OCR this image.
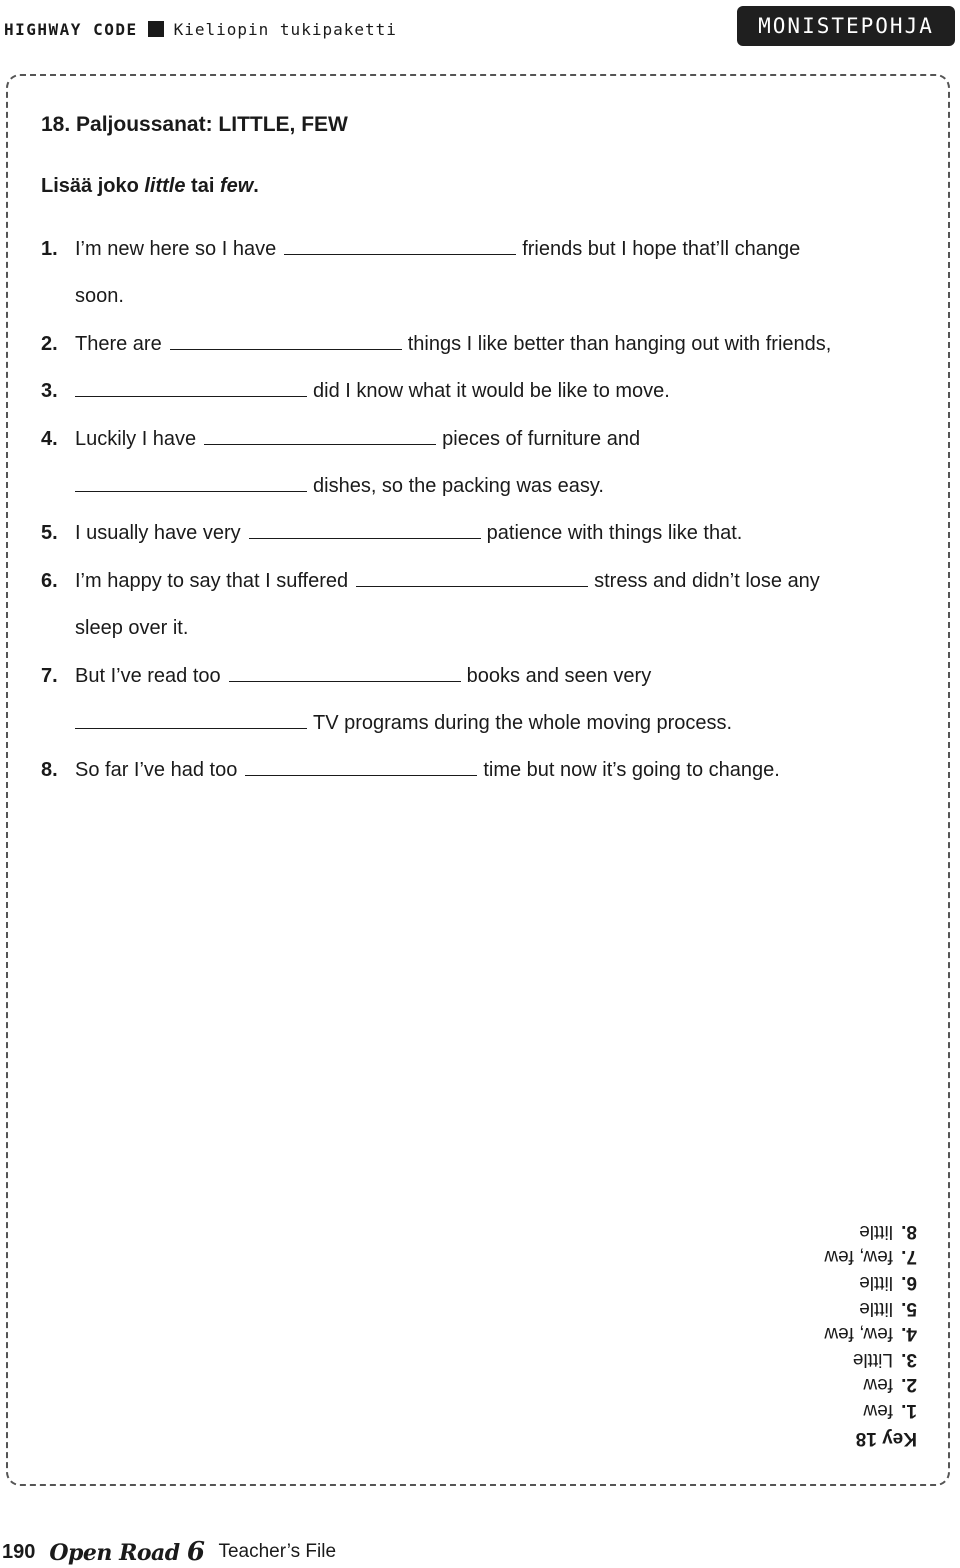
HIGHWAY CODE Kieliopin tukipaketti	MONISTEPOHJA
18. Paljoussanat: LITTLE, FEW
Lisää joko little tai few.
1. I’m new here so I have	friends but I hope that’ll change
soon.
2. There are	things I like better than hanging out with friends,
3.	did I know what it would be like to move.
4. Luckily I have	pieces of furniture and
dishes, so the packing was easy.
5. I usually have very	patience with things like that.
6. I’m happy to say that I suffered	stress and didn’t lose any
sleep over it.
7. But I’ve read too	books and seen very
TV programs during the whole moving process.
8. So far I’ve had too	time but now it’s going to change.
Key 18
1.few
2.few
3.Little
4.few, few
5.little
6.little
7.few, few
8.little
190 Open Road 6 Teacher’s File
